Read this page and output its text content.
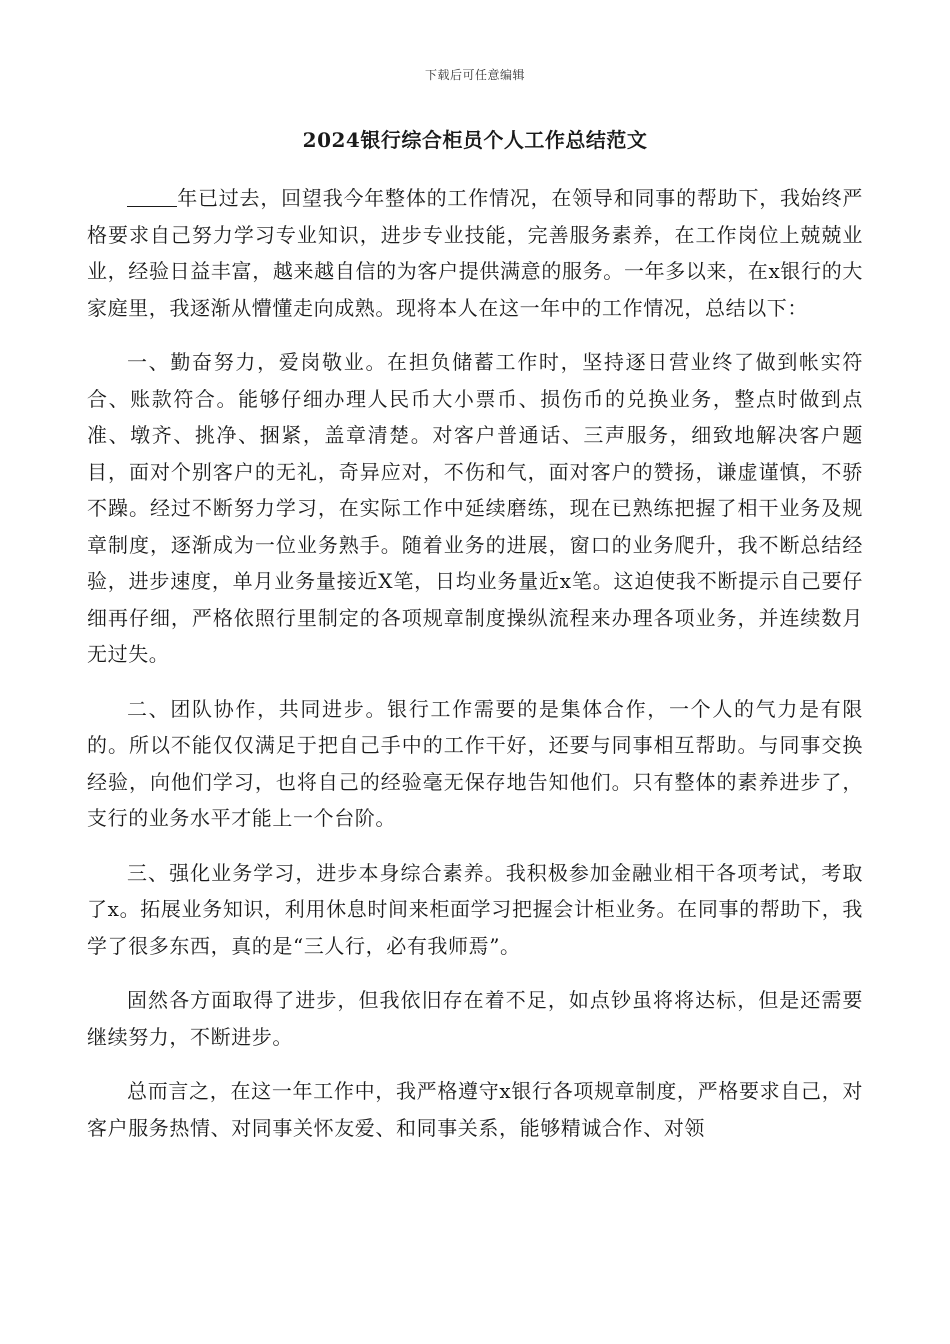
下载后可任意编辑
2024银行综合柜员个人工作总结范文

年已过去，回望我今年整体的工作情况，在领导和同事的帮助下，我始终严格要求自己努力学习专业知识，进步专业技能，完善服务素养，在工作岗位上兢兢业业，经验日益丰富，越来越自信的为客户提供满意的服务。一年多以来，在x银行的大家庭里，我逐渐从懵懂走向成熟。现将本人在这一年中的工作情况，总结以下：

一、勤奋努力，爱岗敬业。在担负储蓄工作时，坚持逐日营业终了做到帐实符合、账款符合。能够仔细办理人民币大小票币、损伤币的兑换业务，整点时做到点准、墩齐、挑净、捆紧，盖章清楚。对客户普通话、三声服务，细致地解决客户题目，面对个别客户的无礼，奇异应对，不伤和气，面对客户的赞扬，谦虚谨慎，不骄不躁。经过不断努力学习，在实际工作中延续磨练，现在已熟练把握了相干业务及规章制度，逐渐成为一位业务熟手。随着业务的进展，窗口的业务爬升，我不断总结经验，进步速度，单月业务量接近X笔，日均业务量近x笔。这迫使我不断提示自己要仔细再仔细，严格依照行里制定的各项规章制度操纵流程来办理各项业务，并连续数月无过失。

二、团队协作，共同进步。银行工作需要的是集体合作，一个人的气力是有限的。所以不能仅仅满足于把自己手中的工作干好，还要与同事相互帮助。与同事交换经验，向他们学习，也将自己的经验毫无保存地告知他们。只有整体的素养进步了，支行的业务水平才能上一个台阶。

三、强化业务学习，进步本身综合素养。我积极参加金融业相干各项考试，考取了x。拓展业务知识，利用休息时间来柜面学习把握会计柜业务。在同事的帮助下，我学了很多东西，真的是“三人行，必有我师焉”。

固然各方面取得了进步，但我依旧存在着不足，如点钞虽将将达标，但是还需要继续努力，不断进步。

总而言之，在这一年工作中，我严格遵守x银行各项规章制度，严格要求自己，对客户服务热情、对同事关怀友爱、和同事关系，能够精诚合作、对领
